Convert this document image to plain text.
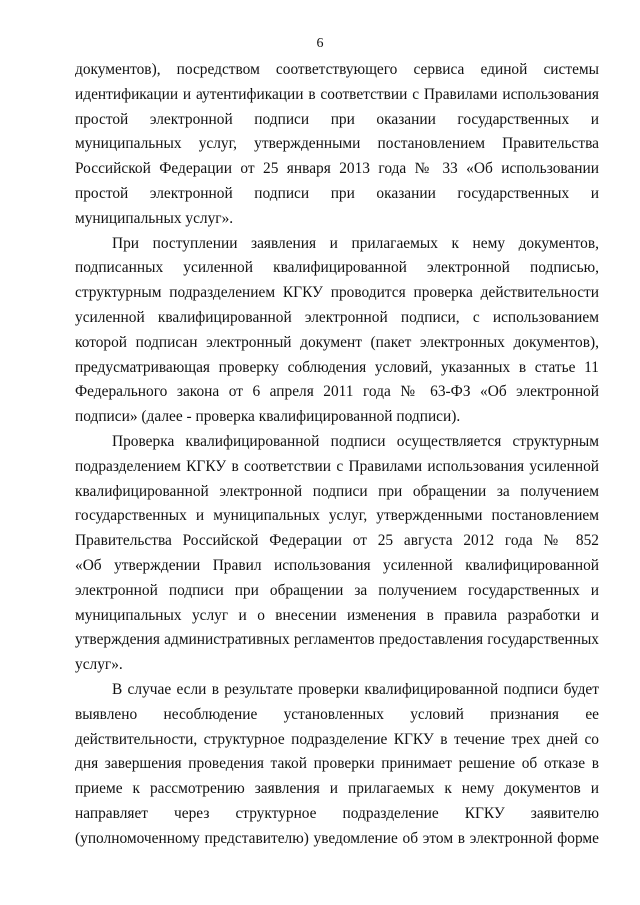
6
документов), посредством соответствующего сервиса единой системы
идентификации и аутентификации в соответствии с Правилами использования
простой электронной подписи при оказании государственных и
муниципальных услуг, утвержденными постановлением Правительства
Российской Федерации от 25 января 2013 года № 33 «Об использовании
простой электронной подписи при оказании государственных и
муниципальных услуг».
При поступлении заявления и прилагаемых к нему документов,
подписанных усиленной квалифицированной электронной подписью,
структурным подразделением КГКУ проводится проверка действительности
усиленной квалифицированной электронной подписи, с использованием
которой подписан электронный документ (пакет электронных документов),
предусматривающая проверку соблюдения условий, указанных в статье 11
Федерального закона от 6 апреля 2011 года № 63-ФЗ «Об электронной
подписи» (далее - проверка квалифицированной подписи).
Проверка квалифицированной подписи осуществляется структурным
подразделением КГКУ в соответствии с Правилами использования усиленной
квалифицированной электронной подписи при обращении за получением
государственных и муниципальных услуг, утвержденными постановлением
Правительства Российской Федерации от 25 августа 2012 года № 852
«Об утверждении Правил использования усиленной квалифицированной
электронной подписи при обращении за получением государственных и
муниципальных услуг и о внесении изменения в правила разработки и
утверждения административных регламентов предоставления государственных
услуг».
В случае если в результате проверки квалифицированной подписи будет
выявлено несоблюдение установленных условий признания ее
действительности, структурное подразделение КГКУ в течение трех дней со
дня завершения проведения такой проверки принимает решение об отказе в
приеме к рассмотрению заявления и прилагаемых к нему документов и
направляет через структурное подразделение КГКУ заявителю
(уполномоченному представителю) уведомление об этом в электронной форме
